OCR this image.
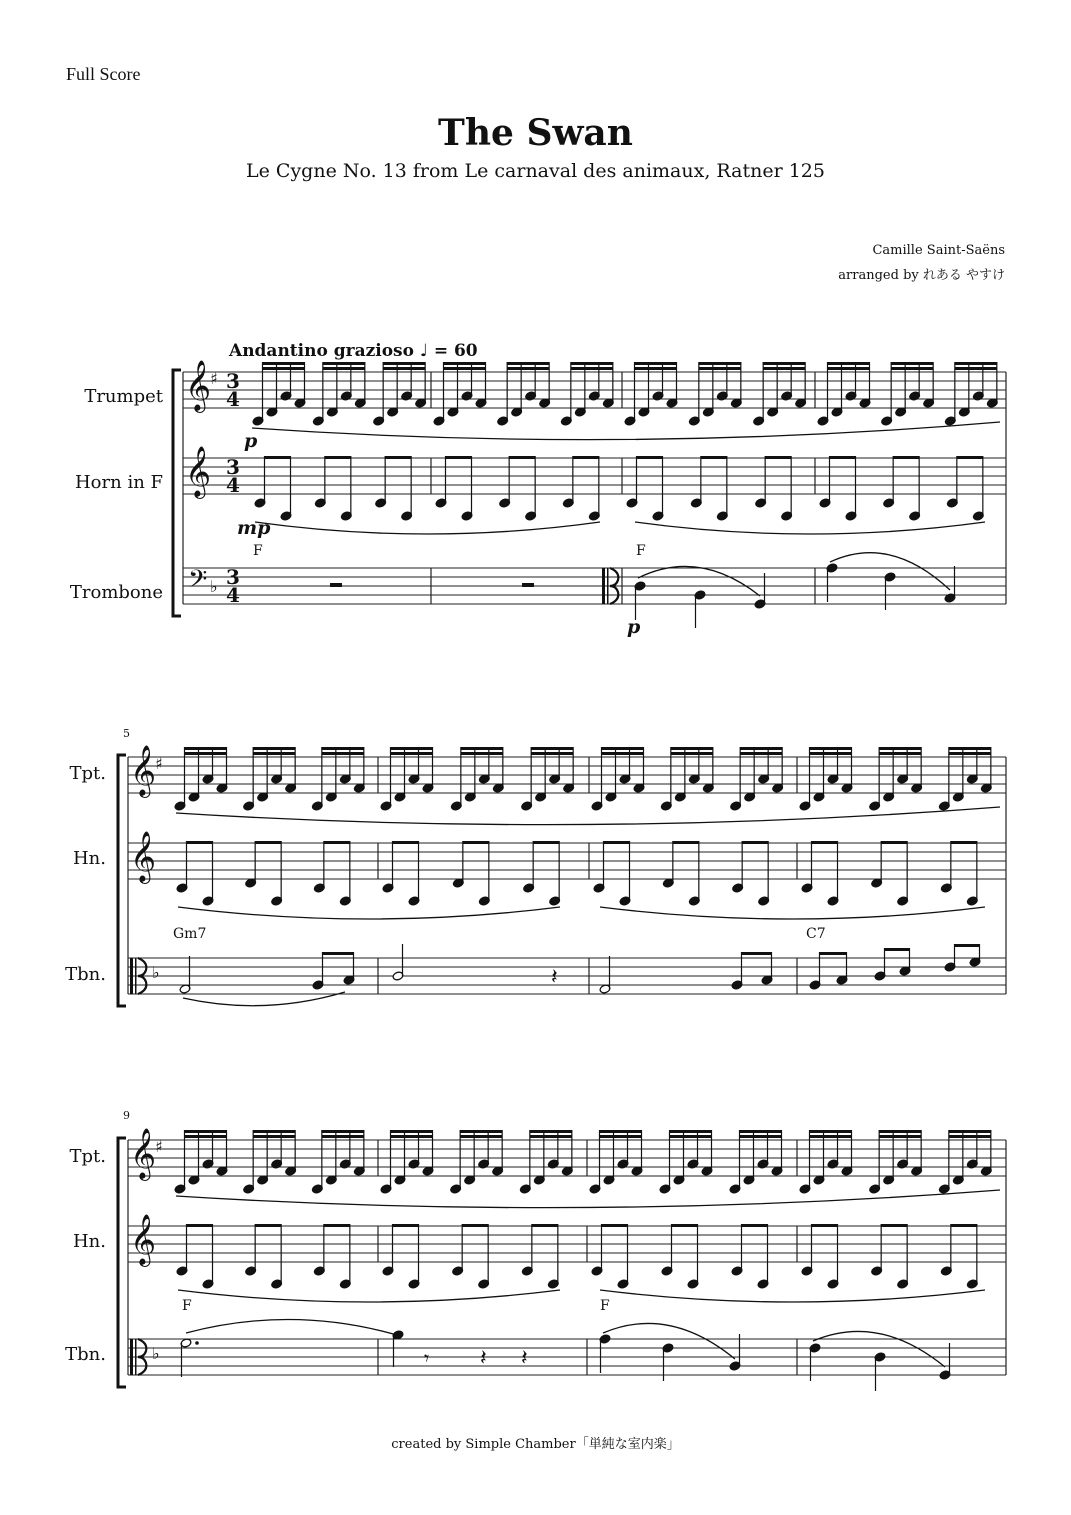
Full Score
The Swan
Le Cygne No. 13 from Le carnaval des animaux, Ratner 125
Camille Saint-Saëns
arranged by れある やすけ
Andantino grazioso ♩ = 60
Trumpet
Horn in F
Trombone
Tpt.
Hn.
Tbn.
Tpt.
Hn.
Tbn.
5
9
p
mp
p
F	F
Gm7	C7
F	F
created by Simple Chamber「単純な室内楽」
𝄞
♯ 3
4
𝄞 3
4
𝄢 ♭ 3
4
𝄞
♯
𝄞
♭	𝄽
𝄞
♯
𝄞
♭	𝄾 𝄽 𝄽
